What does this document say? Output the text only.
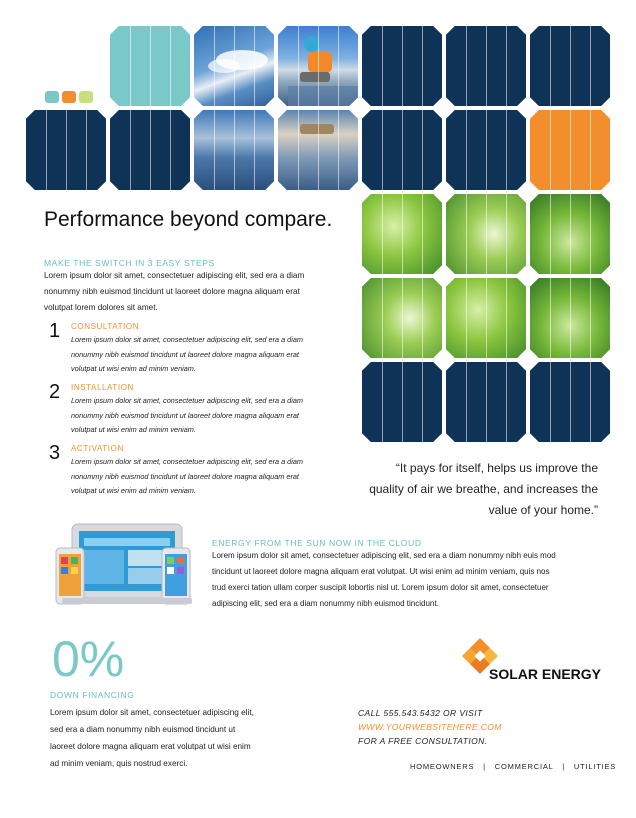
Performance beyond compare.
MAKE THE SWITCH IN 3 EASY STEPS
Lorem ipsum dolor sit amet, consectetuer adipiscing elit, sed era a diam
nonummy nibh euismod tincidunt ut laoreet dolore magna aliquam erat
volutpat lorem dolores sit amet.
1 CONSULTATION
Lorem ipsum dolor sit amet, consectetuer adipiscing elit, sed era a diam
nonummy nibh euismod tincidunt ut laoreet dolore magna aliquam erat
volutpat ut wisi enim ad minim veniam.
2 INSTALLATION
Lorem ipsum dolor sit amet, consectetuer adipiscing elit, sed era a diam
nonummy nibh euismod tincidunt ut laoreet dolore magna aliquam erat
volutpat ut wisi enim ad minim veniam.
3 ACTIVATION
Lorem ipsum dolor sit amet, consectetuer adipiscing elit, sed era a diam
nonummy nibh euismod tincidunt ut laoreet dolore magna aliquam erat
volutpat ut wisi enim ad minim veniam.
“It pays for itself, helps us improve the
quality of air we breathe, and increases the
value of your home.”
ENERGY FROM THE SUN NOW IN THE CLOUD
Lorem ipsum dolor sit amet, consectetuer adipiscing elit, sed era a diam nonummy nibh euis mod
tincidunt ut laoreet dolore magna aliquam erat volutpat. Ut wisi enim ad minim veniam, quis nos
trud exerci tation ullam corper suscipit lobortis nisl ut. Lorem ipsum dolor sit amet, consectetuer
adipiscing elit, sed era a diam nonummy nibh euismod tincidunt.
0%
DOWN FINANCING
Lorem ipsum dolor sit amet, consectetuer adipiscing elit,
sed era a diam nonummy nibh euismod tincidunt ut
laoreet dolore magna aliquam erat volutpat ut wisi enim
ad minim veniam, quis nostrud exerci.
SOLAR ENERGY
CALL 555.543.5432 OR VISIT
WWW.YOURWEBSITEHERE.COM
FOR A FREE CONSULTATION.
HOMEOWNERS | COMMERCIAL | UTILITIES
